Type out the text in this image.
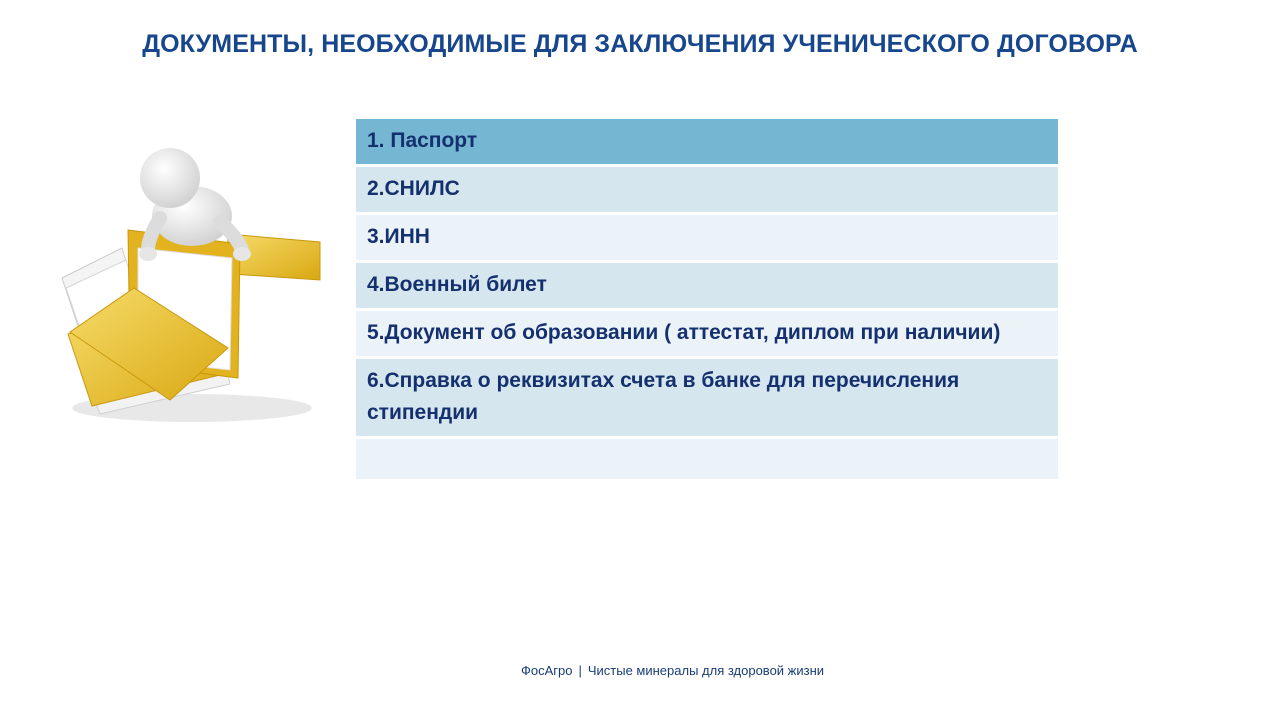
ДОКУМЕНТЫ, НЕОБХОДИМЫЕ ДЛЯ ЗАКЛЮЧЕНИЯ УЧЕНИЧЕСКОГО ДОГОВОРА
1. Паспорт
2.СНИЛС
3.ИНН
4.Военный билет
5.Документ об образовании ( аттестат, диплом при наличии)
6.Справка о реквизитах счета в банке для перечисления стипендии

ФосАгро | Чистые минералы для здоровой жизни
